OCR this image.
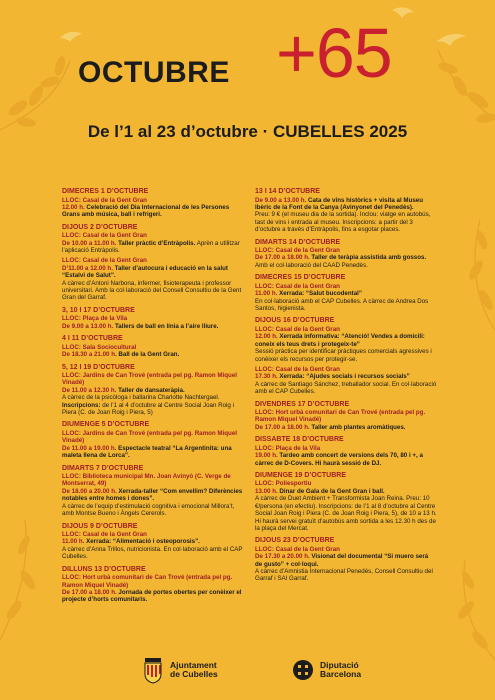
OCTUBRE +65
De l’1 al 23 d’octubre · CUBELLES 2025
DIMECRES 1 D’OCTUBRE
LLOC: Casal de la Gent Gran
12.00 h. Celebració del Dia Internacional de les Persones Grans amb música, ball i refrigeri.
DIJOUS 2 D’OCTUBRE
LLOC: Casal de la Gent Gran
De 10.00 a 11.00 h. Taller pràctic d’Entràpolis. Aprèn a utilitzar l’aplicació Entràpolis.
LLOC: Casal de la Gent Gran
D’11.00 a 12.00 h. Taller d’autocura i educació en la salut “Estalvi de Salut”.
A càrrec d’Antoni Narbona, infermer, fisioterapeuta i professor universitari. Amb la col·laboració del Consell Consultiu de la Gent Gran del Garraf.
3, 10 I 17 D’OCTUBRE
LLOC: Plaça de la Vila
De 9.00 a 13.00 h. Tallers de ball en línia a l’aire lliure.
4 I 11 D’OCTUBRE
LLOC: Sala Sociocultural
De 18.30 a 21.00 h. Ball de la Gent Gran.
5, 12 I 19 D’OCTUBRE
LLOC: Jardins de Can Trové (entrada pel pg. Ramon Miquel Vinadé)
De 11.00 a 12.30 h. Taller de dansateràpia.
A càrrec de la psicòloga i ballarina Charlotte Nachtergael.
Inscripcions: de l’1 al 4 d’octubre al Centre Social Joan Roig i Piera (C. de Joan Roig i Piera, 5)
DIUMENGE 5 D’OCTUBRE
LLOC: Jardins de Can Trové (entrada pel pg. Ramon Miquel Vinadé)
De 11.00 a 19.00 h. Espectacle teatral “La Argentinita: una maleta llena de Lorca”.
DIMARTS 7 D’OCTUBRE
LLOC: Biblioteca municipal Mn. Joan Avinyó (C. Verge de Montserrat, 49)
De 18.00 a 20.00 h. Xerrada-taller “Com envellim? Diferències notables entre homes i dones”.
A càrrec de l’equip d’estimulació cognitiva i emocional Millora’t, amb Montse Bueno i Àngels Cererols.
DIJOUS 9 D’OCTUBRE
LLOC: Casal de la Gent Gran
11.00 h. Xerrada: “Alimentació i osteoporosis”.
A càrrec d’Anna Trillos, nutricionista. En col·laboració amb el CAP Cubelles.
DILLUNS 13 D’OCTUBRE
LLOC: Hort urbà comunitari de Can Trové (entrada pel pg. Ramon Miquel Vinadé)
De 17.00 a 18.00 h. Jornada de portes obertes per conèixer el projecte d’horts comunitaris.
13 I 14 D’OCTUBRE
De 9.00 a 13.00 h. Cata de vins històrics + visita al Museu Ibèric de la Font de la Canya (Avinyonet del Penedès).
Preu: 9 € (el museu dia de la sortida). Inclou: viatge en autobús, tast de vins i entrada al museu. Inscripcions: a partir del 3 d’octubre a través d’Entràpolis, fins a esgotar places.
DIMARTS 14 D’OCTUBRE
LLOC: Casal de la Gent Gran
De 17.00 a 18.00 h. Taller de teràpia assistida amb gossos.
Amb el col·laboració del CAAD Penedès.
DIMECRES 15 D’OCTUBRE
LLOC: Casal de la Gent Gran
11.00 h. Xerrada: “Salut bucodental”
En col·laboració amb el CAP Cubelles. A càrrec de Andrea Dos Santos, higienista.
DIJOUS 16 D’OCTUBRE
LLOC: Casal de la Gent Gran
12.00 h. Xerrada informativa: “Atenció! Vendes a domicili: coneix els teus drets i protegeix-te”
Sessió pràctica per identificar pràctiques comercials agressives i conèixer els recursos per protegir-se.
LLOC: Casal de la Gent Gran
17.30 h. Xerrada: “Ajudes socials i recursos socials”
A càrrec de Santiago Sánchez, treballador social. En col·laboració amb el CAP Cubelles.
DIVENDRES 17 D’OCTUBRE
LLOC: Hort urbà comunitari de Can Trové (entrada pel pg. Ramon Miquel Vinadé)
De 17.00 a 18.00 h. Taller amb plantes aromàtiques.
DISSABTE 18 D’OCTUBRE
LLOC: Plaça de la Vila
19.00 h. Tardeo amb concert de versions dels 70, 80 i +, a càrrec de D-Covers. Hi haurà sessió de DJ.
DIUMENGE 19 D’OCTUBRE
LLOC: Poliesportiu
13.00 h. Dinar de Gala de la Gent Gran i ball.
A càrrec de Duet Ambient + Transformistа Joan Reina. Preu: 10 €/persona (en efectiu). Inscripcions: de l’1 al 8 d’octubre al Centre Social Joan Roig i Piera (C. de Joan Roig i Piera, 5), de 10 a 13 h. Hi haurà servei gratuït d’autobús amb sortida a les 12.30 h des de la plaça del Mercat.
DIJOUS 23 D’OCTUBRE
LLOC: Casal de la Gent Gran
De 17.30 a 20.00 h. Visionat del documental “Si muero será de gusto” + col·loqui.
A càrrec d’Amnistia Internacional Penedès, Consell Consultiu del Garraf i SAI Garraf.
Ajuntament
de Cubelles
Diputació
Barcelona
